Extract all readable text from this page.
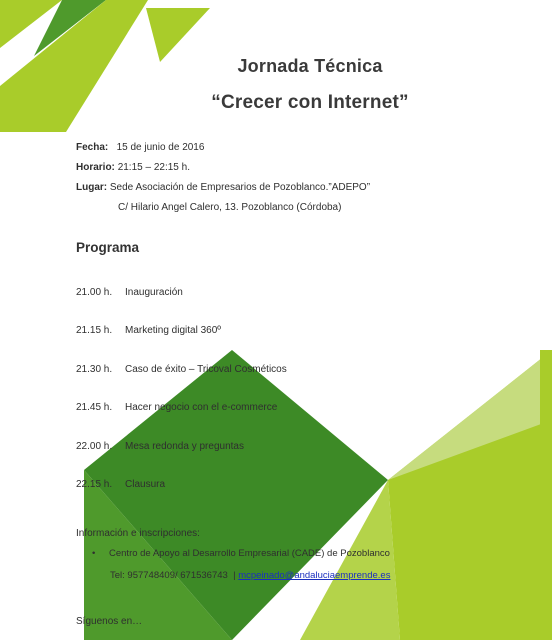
Jornada Técnica
“Crecer con Internet”
Fecha: 15 de junio de 2016
Horario: 21:15 – 22:15 h.
Lugar: Sede Asociación de Empresarios de Pozoblanco.”ADEPO”
C/ Hilario Angel Calero, 13. Pozoblanco (Córdoba)
Programa
21.00 h. Inauguración
21.15 h. Marketing digital 360º
21.30 h. Caso de éxito – Tricoval Cosméticos
21.45 h. Hacer negocio con el e-commerce
22.00 h. Mesa redonda y preguntas
22.15 h. Clausura
Información e inscripciones:
• Centro de Apoyo al Desarrollo Empresarial (CADE) de Pozoblanco
Tel: 957748409/ 671536743 | mcpeinado@andaluciaemprende.es
Síguenos en…
